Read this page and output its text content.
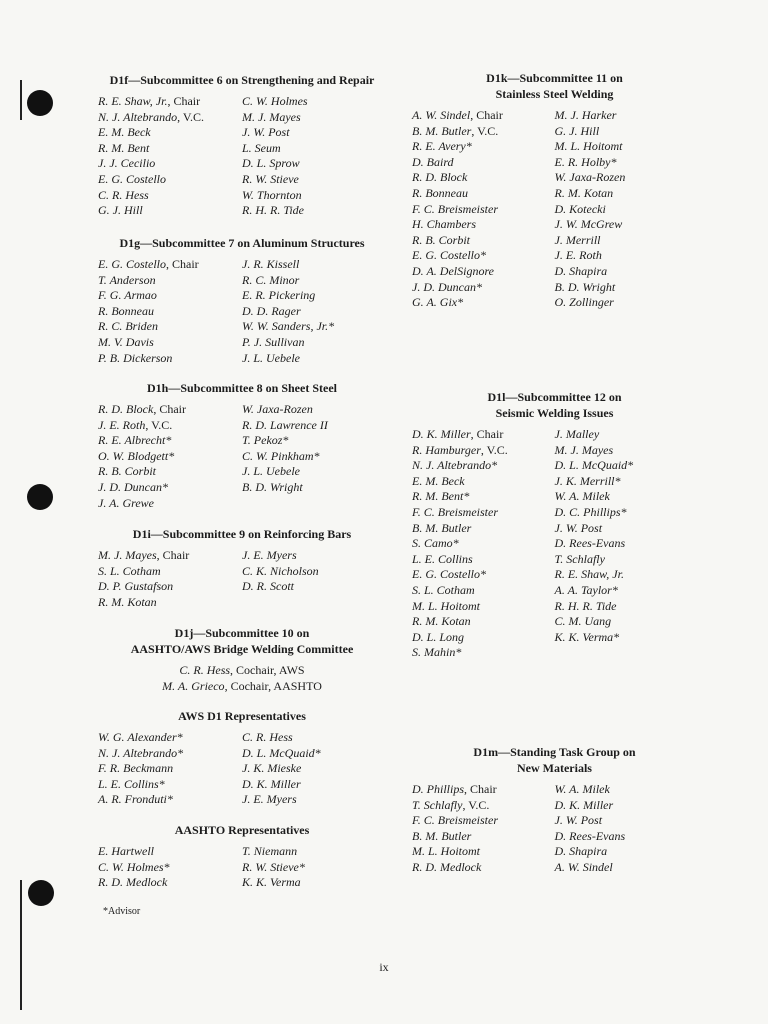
D1f—Subcommittee 6 on Strengthening and Repair
R. E. Shaw, Jr., Chair
N. J. Altebrando, V.C.
E. M. Beck
R. M. Bent
J. J. Cecilio
E. G. Costello
C. R. Hess
G. J. Hill
C. W. Holmes
M. J. Mayes
J. W. Post
L. Seum
D. L. Sprow
R. W. Stieve
W. Thornton
R. H. R. Tide
D1g—Subcommittee 7 on Aluminum Structures
E. G. Costello, Chair
T. Anderson
F. G. Armao
R. Bonneau
R. C. Briden
M. V. Davis
P. B. Dickerson
J. R. Kissell
R. C. Minor
E. R. Pickering
D. D. Rager
W. W. Sanders, Jr.*
P. J. Sullivan
J. L. Uebele
D1h—Subcommittee 8 on Sheet Steel
R. D. Block, Chair
J. E. Roth, V.C.
R. E. Albrecht*
O. W. Blodgett*
R. B. Corbit
J. D. Duncan*
J. A. Grewe
W. Jaxa-Rozen
R. D. Lawrence II
T. Pekoz*
C. W. Pinkham*
J. L. Uebele
B. D. Wright
D1i—Subcommittee 9 on Reinforcing Bars
M. J. Mayes, Chair
S. L. Cotham
D. P. Gustafson
R. M. Kotan
J. E. Myers
C. K. Nicholson
D. R. Scott
D1j—Subcommittee 10 on
AASHTO/AWS Bridge Welding Committee
C. R. Hess, Cochair, AWS
M. A. Grieco, Cochair, AASHTO
AWS D1 Representatives
W. G. Alexander*
N. J. Altebrando*
F. R. Beckmann
L. E. Collins*
A. R. Fronduti*
C. R. Hess
D. L. McQuaid*
J. K. Mieske
D. K. Miller
J. E. Myers
AASHTO Representatives
E. Hartwell
C. W. Holmes*
R. D. Medlock
T. Niemann
R. W. Stieve*
K. K. Verma
D1k—Subcommittee 11 on
Stainless Steel Welding
A. W. Sindel, Chair
B. M. Butler, V.C.
R. E. Avery*
D. Baird
R. D. Block
R. Bonneau
F. C. Breismeister
H. Chambers
R. B. Corbit
E. G. Costello*
D. A. DelSignore
J. D. Duncan*
G. A. Gix*
M. J. Harker
G. J. Hill
M. L. Hoitomt
E. R. Holby*
W. Jaxa-Rozen
R. M. Kotan
D. Kotecki
J. W. McGrew
J. Merrill
J. E. Roth
D. Shapira
B. D. Wright
O. Zollinger
D1l—Subcommittee 12 on
Seismic Welding Issues
D. K. Miller, Chair
R. Hamburger, V.C.
N. J. Altebrando*
E. M. Beck
R. M. Bent*
F. C. Breismeister
B. M. Butler
S. Camo*
L. E. Collins
E. G. Costello*
S. L. Cotham
M. L. Hoitomt
R. M. Kotan
D. L. Long
S. Mahin*
J. Malley
M. J. Mayes
D. L. McQuaid*
J. K. Merrill*
W. A. Milek
D. C. Phillips*
J. W. Post
D. Rees-Evans
T. Schlafly
R. E. Shaw, Jr.
A. A. Taylor*
R. H. R. Tide
C. M. Uang
K. K. Verma*
D1m—Standing Task Group on
New Materials
D. Phillips, Chair
T. Schlafly, V.C.
F. C. Breismeister
B. M. Butler
M. L. Hoitomt
R. D. Medlock
W. A. Milek
D. K. Miller
J. W. Post
D. Rees-Evans
D. Shapira
A. W. Sindel
*Advisor
ix
